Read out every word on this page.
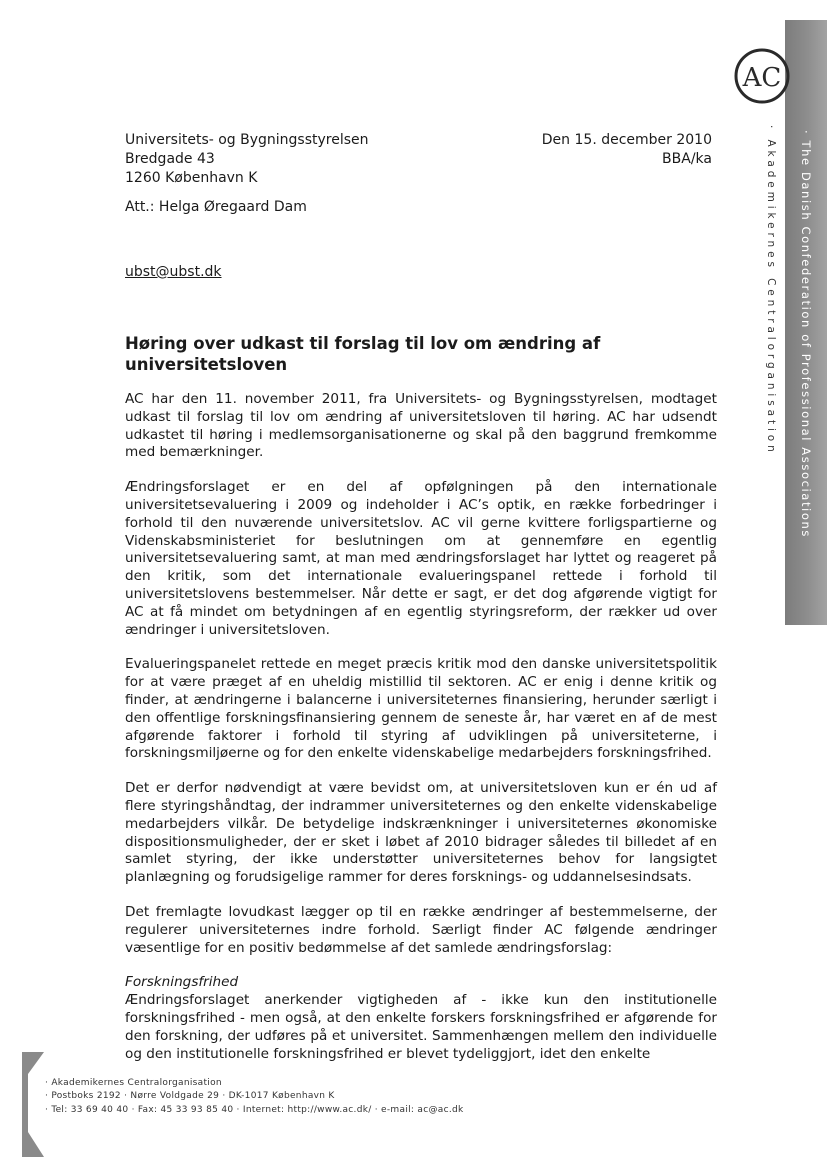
· The Danish Confederation of Professional Associations
· Akademikernes Centralorganisation
AC
Universitets- og Bygningsstyrelsen
Bredgade 43
1260 København K
Den 15. december 2010
BBA/ka
Att.: Helga Øregaard Dam
ubst@ubst.dk
Høring over udkast til forslag til lov om ændring af universitetsloven

AC har den 11. november 2011, fra Universitets- og Bygningsstyrelsen, modtaget udkast til forslag til lov om ændring af universitetsloven til høring. AC har udsendt udkastet til høring i medlemsorganisationerne og skal på den baggrund fremkomme med bemærkninger.

Ændringsforslaget er en del af opfølgningen på den internationale universitetsevaluering i 2009 og indeholder i AC’s optik, en række forbedringer i forhold til den nuværende universitetslov. AC vil gerne kvittere forligspartierne og Videnskabsministeriet for beslutningen om at gennemføre en egentlig universitetsevaluering samt, at man med ændringsforslaget har lyttet og reageret på den kritik, som det internationale evalueringspanel rettede i forhold til universitetslovens bestemmelser. Når dette er sagt, er det dog afgørende vigtigt for AC at få mindet om betydningen af en egentlig styringsreform, der rækker ud over ændringer i universitetsloven.

Evalueringspanelet rettede en meget præcis kritik mod den danske universitetspolitik for at være præget af en uheldig mistillid til sektoren. AC er enig i denne kritik og finder, at ændringerne i balancerne i universiteternes finansiering, herunder særligt i den offentlige forskningsfinansiering gennem de seneste år, har været en af de mest afgørende faktorer i forhold til styring af udviklingen på universiteterne, i forskningsmiljøerne og for den enkelte videnskabelige medarbejders forskningsfrihed.

Det er derfor nødvendigt at være bevidst om, at universitetsloven kun er én ud af flere styringshåndtag, der indrammer universiteternes og den enkelte videnskabelige medarbejders vilkår. De betydelige indskrænkninger i universiteternes økonomiske dispositionsmuligheder, der er sket i løbet af 2010 bidrager således til billedet af en samlet styring, der ikke understøtter universiteternes behov for langsigtet planlægning og forudsigelige rammer for deres forsknings- og uddannelsesindsats.

Det fremlagte lovudkast lægger op til en række ændringer af bestemmelserne, der regulerer universiteternes indre forhold. Særligt finder AC følgende ændringer væsentlige for en positiv bedømmelse af det samlede ændringsforslag:

Forskningsfrihed

Ændringsforslaget anerkender vigtigheden af - ikke kun den institutionelle forskningsfrihed - men også, at den enkelte forskers forskningsfrihed er afgørende for den forskning, der udføres på et universitet. Sammenhængen mellem den individuelle og den institutionelle forskningsfrihed er blevet tydeliggjort, idet den enkelte

· Akademikernes Centralorganisation
· Postboks 2192 · Nørre Voldgade 29 · DK-1017 København K
· Tel: 33 69 40 40 · Fax: 45 33 93 85 40 · Internet: http://www.ac.dk/ · e-mail: ac@ac.dk
